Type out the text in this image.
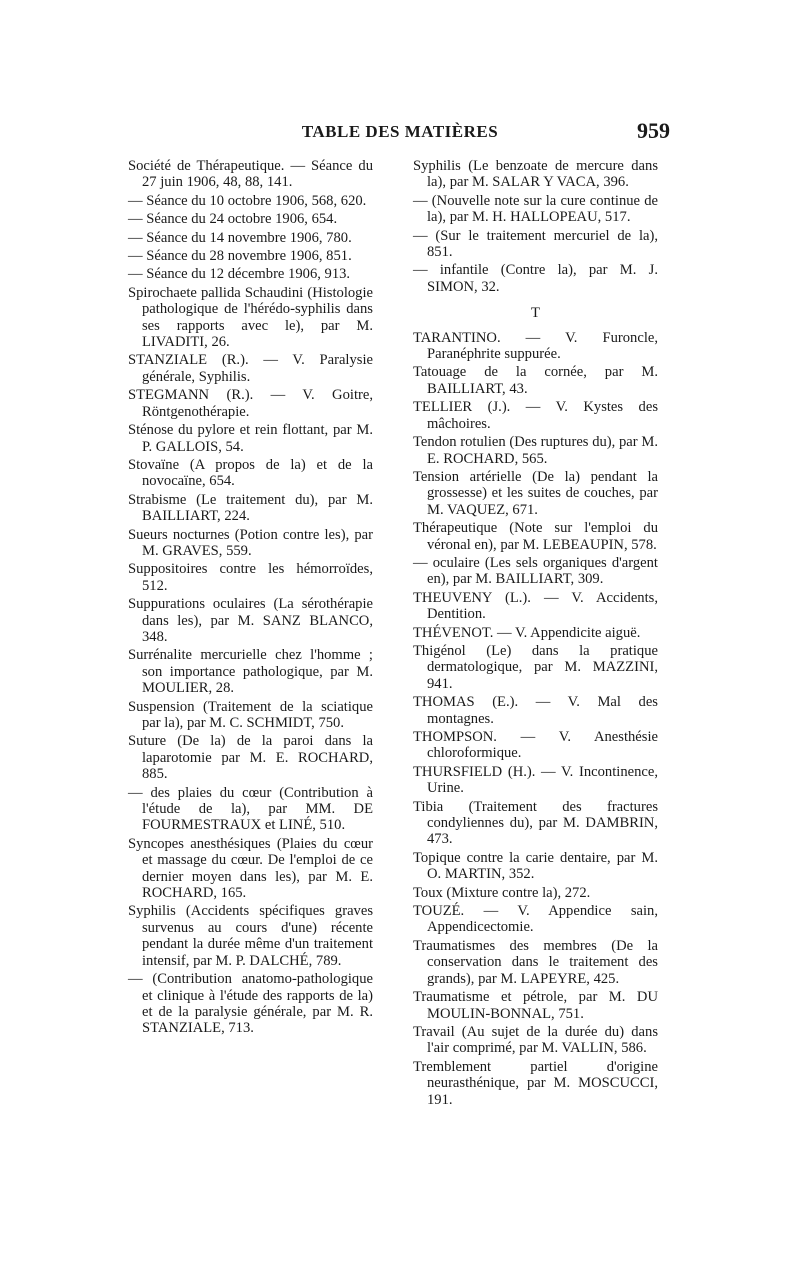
TABLE DES MATIÈRES	959

Société de Thérapeutique. — Séance du 27 juin 1906, 48, 88, 141.

— Séance du 10 octobre 1906, 568, 620.

— Séance du 24 octobre 1906, 654.

— Séance du 14 novembre 1906, 780.

— Séance du 28 novembre 1906, 851.

— Séance du 12 décembre 1906, 913.

Spirochaete pallida Schaudini (Histologie pathologique de l'hérédo-syphilis dans ses rapports avec le), par M. LIVADITI, 26.

STANZIALE (R.). — V. Paralysie générale, Syphilis.

STEGMANN (R.). — V. Goitre, Röntgenothérapie.

Sténose du pylore et rein flottant, par M. P. GALLOIS, 54.

Stovaïne (A propos de la) et de la novocaïne, 654.

Strabisme (Le traitement du), par M. BAILLIART, 224.

Sueurs nocturnes (Potion contre les), par M. GRAVES, 559.

Suppositoires contre les hémorroïdes, 512.

Suppurations oculaires (La sérothérapie dans les), par M. SANZ BLANCO, 348.

Surrénalite mercurielle chez l'homme ; son importance pathologique, par M. MOULIER, 28.

Suspension (Traitement de la sciatique par la), par M. C. SCHMIDT, 750.

Suture (De la) de la paroi dans la laparotomie par M. E. ROCHARD, 885.

— des plaies du cœur (Contribution à l'étude de la), par MM. DE FOURMESTRAUX et LINÉ, 510.

Syncopes anesthésiques (Plaies du cœur et massage du cœur. De l'emploi de ce dernier moyen dans les), par M. E. ROCHARD, 165.

Syphilis (Accidents spécifiques graves survenus au cours d'une) récente pendant la durée même d'un traitement intensif, par M. P. DALCHÉ, 789.

— (Contribution anatomo-pathologique et clinique à l'étude des rapports de la) et de la paralysie générale, par M. R. STANZIALE, 713.

Syphilis (Le benzoate de mercure dans la), par M. SALAR Y VACA, 396.

— (Nouvelle note sur la cure continue de la), par M. H. HALLOPEAU, 517.

— (Sur le traitement mercuriel de la), 851.

— infantile (Contre la), par M. J. SIMON, 32.

T

TARANTINO. — V. Furoncle, Paranéphrite suppurée.

Tatouage de la cornée, par M. BAILLIART, 43.

TELLIER (J.). — V. Kystes des mâchoires.

Tendon rotulien (Des ruptures du), par M. E. ROCHARD, 565.

Tension artérielle (De la) pendant la grossesse) et les suites de couches, par M. VAQUEZ, 671.

Thérapeutique (Note sur l'emploi du véronal en), par M. LEBEAUPIN, 578.

— oculaire (Les sels organiques d'argent en), par M. BAILLIART, 309.

THEUVENY (L.). — V. Accidents, Dentition.

THÉVENOT. — V. Appendicite aiguë.

Thigénol (Le) dans la pratique dermatologique, par M. MAZZINI, 941.

THOMAS (E.). — V. Mal des montagnes.

THOMPSON. — V. Anesthésie chloroformique.

THURSFIELD (H.). — V. Incontinence, Urine.

Tibia (Traitement des fractures condyliennes du), par M. DAMBRIN, 473.

Topique contre la carie dentaire, par M. O. MARTIN, 352.

Toux (Mixture contre la), 272.

TOUZÉ. — V. Appendice sain, Appendicectomie.

Traumatismes des membres (De la conservation dans le traitement des grands), par M. LAPEYRE, 425.

Traumatisme et pétrole, par M. DU MOULIN-BONNAL, 751.

Travail (Au sujet de la durée du) dans l'air comprimé, par M. VALLIN, 586.

Tremblement partiel d'origine neurasthénique, par M. MOSCUCCI, 191.
